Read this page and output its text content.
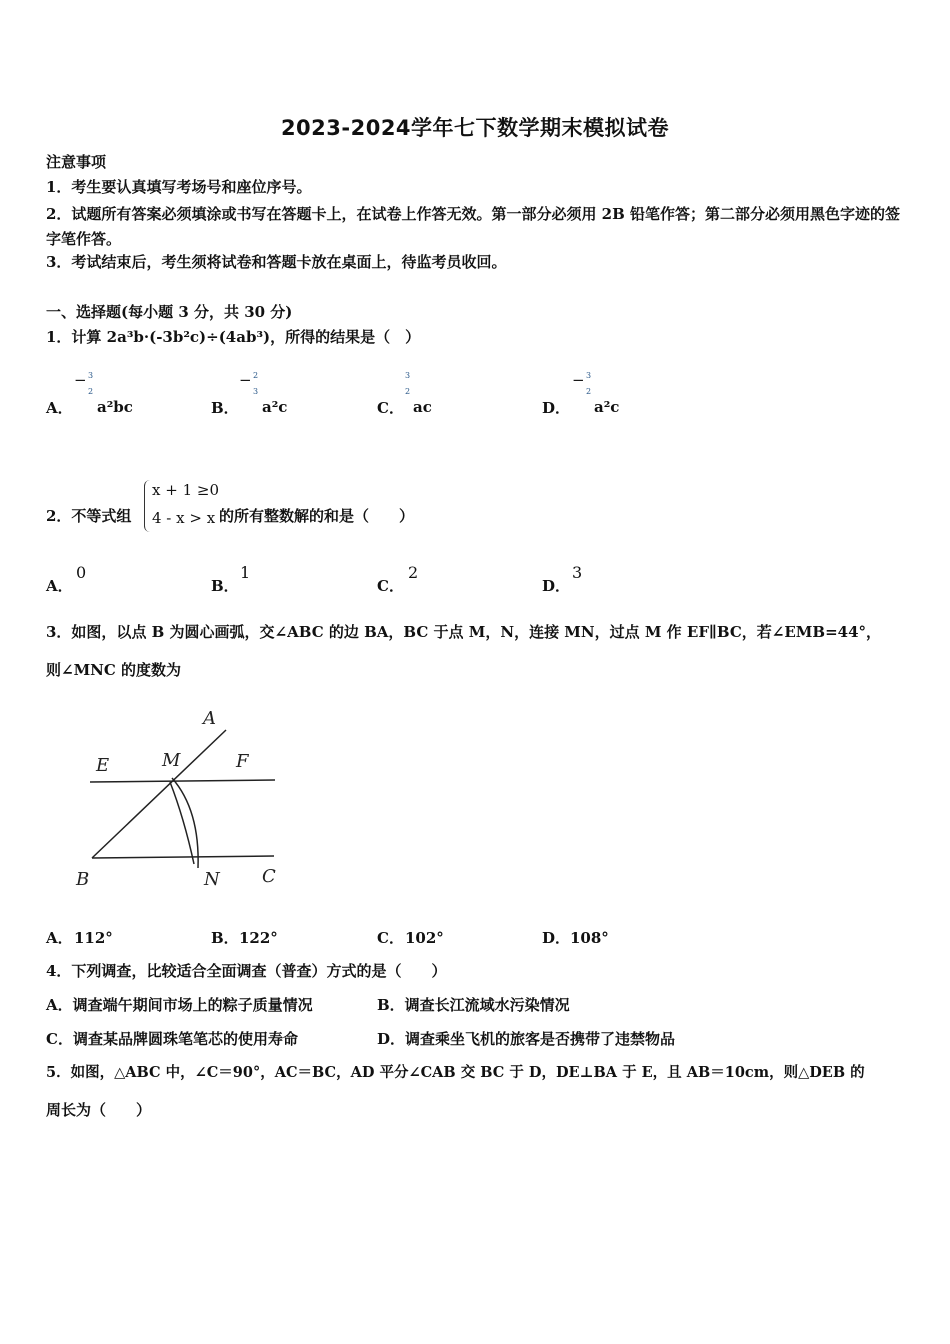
2023-2024学年七下数学期末模拟试卷
注意事项
1．考生要认真填写考场号和座位序号。
2．试题所有答案必须填涂或书写在答题卡上，在试卷上作答无效。第一部分必须用 2B 铅笔作答；第二部分必须用黑色字迹的签字笔作答。
3．考试结束后，考生须将试卷和答题卡放在桌面上，待监考员收回。
一、选择题(每小题 3 分，共 30 分)
1．计算 2a³b·(-3b²c)÷(4ab³)，所得的结果是（　）
− 3
2
A． a²bc
− 2
3
B． a²c
3
2
C． ac
− 3
2
D． a²c
2．不等式组
x + 1 ≥0
4 - x > x 的所有整数解的和是（　　）
A．
0
B．
1
C．
2
D．
3
3．如图，以点 B 为圆心画弧，交∠ABC 的边 BA，BC 于点 M，N，连接 MN，过点 M 作 EF∥BC，若∠EMB=44°，
则∠MNC 的度数为
A
E	M	F
B	N C
A． 112°	B． 122°	C． 102°	D． 108°
4．下列调查，比较适合全面调查（普查）方式的是（　　）
A．调查端午期间市场上的粽子质量情况	B．调查长江流域水污染情况
C．调查某品牌圆珠笔笔芯的使用寿命	D．调查乘坐飞机的旅客是否携带了违禁物品
5．如图，△ABC 中，∠C＝90°，AC＝BC，AD 平分∠CAB 交 BC 于 D，DE⊥BA 于 E，且 AB＝10cm，则△DEB 的
周长为（　　）
